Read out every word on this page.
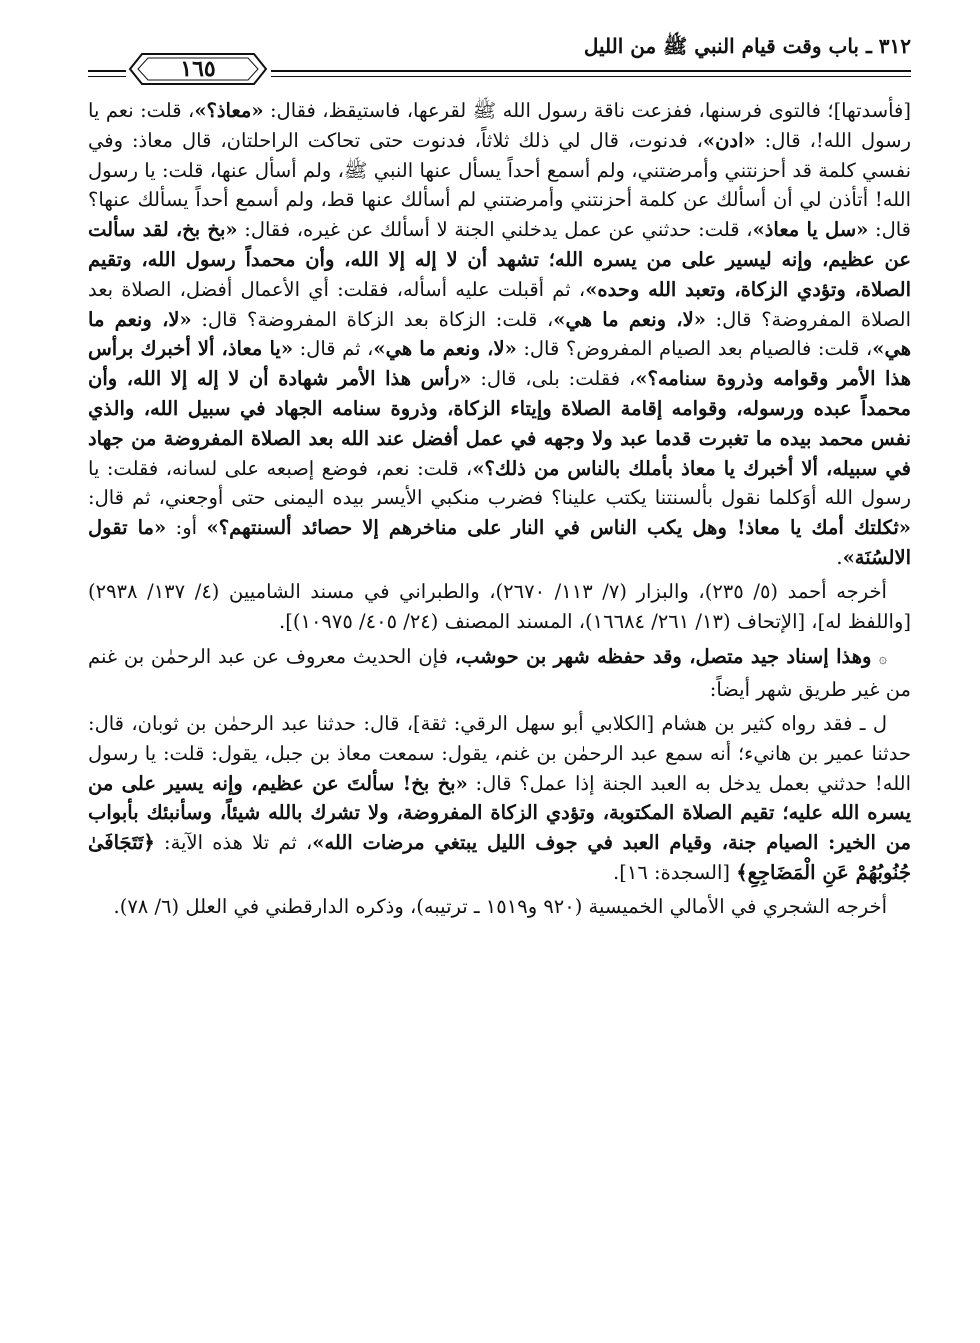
٣١٢ ـ باب وقت قيام النبي ﷺ من الليل
١٦٥

[فأسدتها]؛ فالتوى فرسنها، ففزعت ناقة رسول الله ﷺ لقرعها، فاستيقظ، فقال: «معاذ؟»، قلت: نعم يا رسول الله!، قال: «ادن»، فدنوت، قال لي ذلك ثلاثاً، فدنوت حتى تحاكت الراحلتان، قال معاذ: وفي نفسي كلمة قد أحزنتني وأمرضتني، ولم أسمع أحداً يسأل عنها النبي ﷺ، ولم أسأل عنها، قلت: يا رسول الله! أتأذن لي أن أسألك عن كلمة أحزنتني وأمرضتني لم أسألك عنها قط، ولم أسمع أحداً يسألك عنها؟ قال: «سل يا معاذ»، قلت: حدثني عن عمل يدخلني الجنة لا أسألك عن غيره، فقال: «بخ بخ، لقد سألت عن عظيم، وإنه ليسير على من يسره الله؛ تشهد أن لا إله إلا الله، وأن محمداً رسول الله، وتقيم الصلاة، وتؤدي الزكاة، وتعبد الله وحده»، ثم أقبلت عليه أسأله، فقلت: أي الأعمال أفضل، الصلاة بعد الصلاة المفروضة؟ قال: «لا، ونعم ما هي»، قلت: الزكاة بعد الزكاة المفروضة؟ قال: «لا، ونعم ما هي»، قلت: فالصيام بعد الصيام المفروض؟ قال: «لا، ونعم ما هي»، ثم قال: «يا معاذ، ألا أخبرك برأس هذا الأمر وقوامه وذروة سنامه؟»، فقلت: بلى، قال: «رأس هذا الأمر شهادة أن لا إله إلا الله، وأن محمداً عبده ورسوله، وقوامه إقامة الصلاة وإيتاء الزكاة، وذروة سنامه الجهاد في سبيل الله، والذي نفس محمد بيده ما تغبرت قدما عبد ولا وجهه في عمل أفضل عند الله بعد الصلاة المفروضة من جهاد في سبيله، ألا أخبرك يا معاذ بأملك بالناس من ذلك؟»، قلت: نعم، فوضع إصبعه على لسانه، فقلت: يا رسول الله أوَكلما نقول بألسنتنا يكتب علينا؟ فضرب منكبي الأيسر بيده اليمنى حتى أوجعني، ثم قال: «ثكلتك أمك يا معاذ! وهل يكب الناس في النار على مناخرهم إلا حصائد ألسنتهم؟» أو: «ما تقول الالسُنَة».

أخرجه أحمد (٥/ ٢٣٥)، والبزار (٧/ ١١٣/ ٢٦٧٠)، والطبراني في مسند الشاميين (٤/ ١٣٧/ ٢٩٣٨) [واللفظ له]، [الإتحاف (١٣/ ٢٦١/ ١٦٦٨٤)، المسند المصنف (٢٤/ ٤٠٥/ ١٠٩٧٥)].

۞ وهذا إسناد جيد متصل، وقد حفظه شهر بن حوشب، فإن الحديث معروف عن عبد الرحمٰن بن غنم من غير طريق شهر أيضاً:

ل ـ فقد رواه كثير بن هشام [الكلابي أبو سهل الرقي: ثقة]، قال: حدثنا عبد الرحمٰن بن ثوبان، قال: حدثنا عمير بن هانيء؛ أنه سمع عبد الرحمٰن بن غنم، يقول: سمعت معاذ بن جبل، يقول: قلت: يا رسول الله! حدثني بعمل يدخل به العبد الجنة إذا عمل؟ قال: «بخ بخ! سألتَ عن عظيم، وإنه يسير على من يسره الله عليه؛ تقيم الصلاة المكتوبة، وتؤدي الزكاة المفروضة، ولا تشرك بالله شيئاً، وسأنبئك بأبواب من الخير: الصيام جنة، وقيام العبد في جوف الليل يبتغي مرضات الله»، ثم تلا هذه الآية: ﴿تَتَجَافَىٰ جُنُوبُهُمْ عَنِ الْمَضَاجِعِ﴾ [السجدة: ١٦].

أخرجه الشجري في الأمالي الخميسية (٩٢٠ و١٥١٩ ـ ترتيبه)، وذكره الدارقطني في العلل (٦/ ٧٨).
